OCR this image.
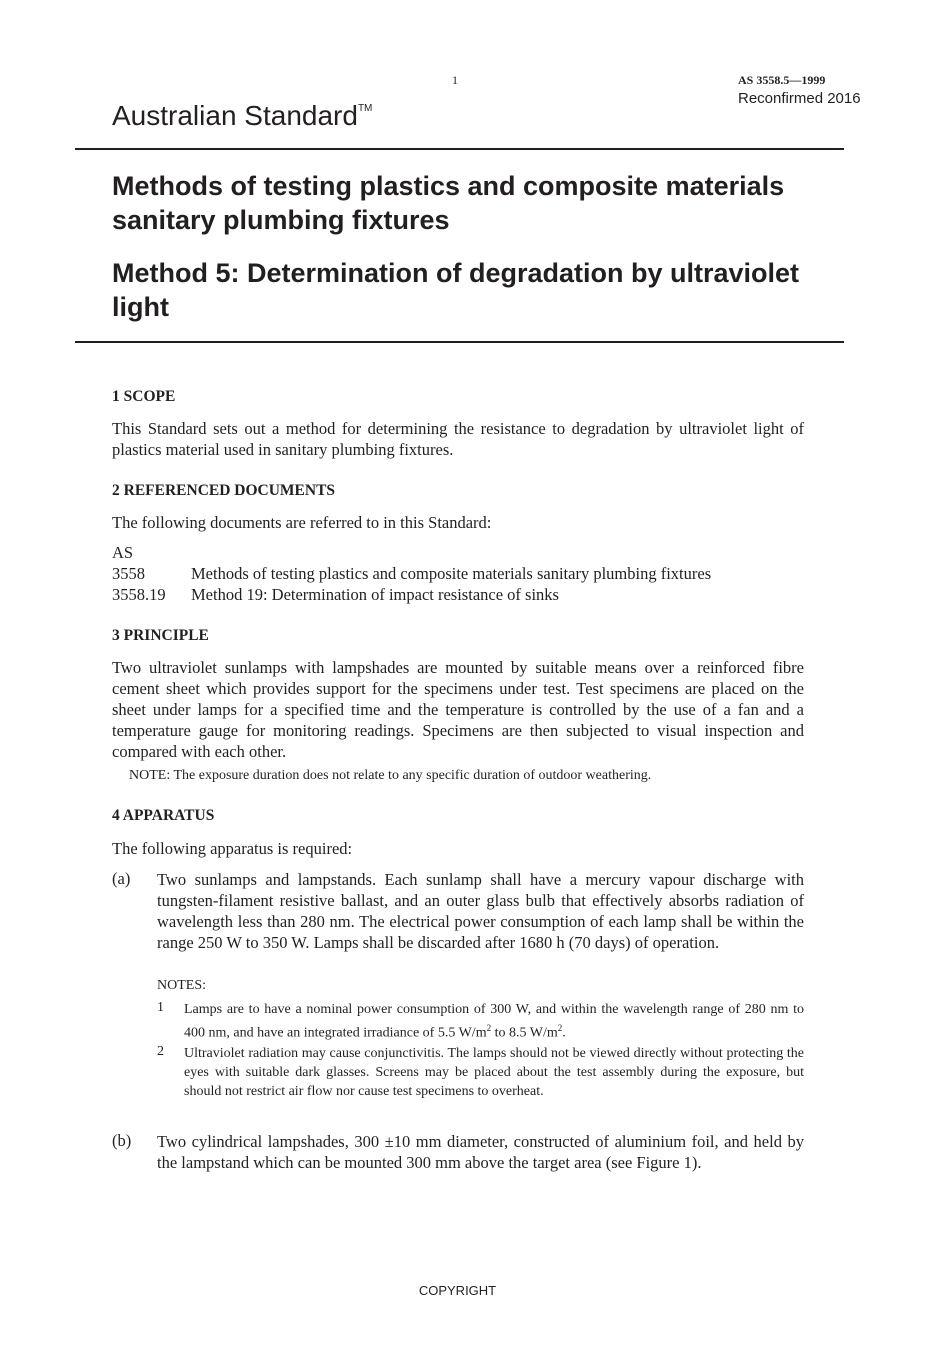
1	AS 3558.5—1999
Reconfirmed 2016
Australian Standard™
Methods of testing plastics and composite materials sanitary plumbing fixtures
Method 5: Determination of degradation by ultraviolet light
1 SCOPE
This Standard sets out a method for determining the resistance to degradation by ultraviolet light of plastics material used in sanitary plumbing fixtures.
2 REFERENCED DOCUMENTS
The following documents are referred to in this Standard:
AS
3558	Methods of testing plastics and composite materials sanitary plumbing fixtures
3558.19 Method 19: Determination of impact resistance of sinks
3 PRINCIPLE
Two ultraviolet sunlamps with lampshades are mounted by suitable means over a reinforced fibre cement sheet which provides support for the specimens under test. Test specimens are placed on the sheet under lamps for a specified time and the temperature is controlled by the use of a fan and a temperature gauge for monitoring readings. Specimens are then subjected to visual inspection and compared with each other.
NOTE: The exposure duration does not relate to any specific duration of outdoor weathering.
4 APPARATUS
The following apparatus is required:
(a) Two sunlamps and lampstands. Each sunlamp shall have a mercury vapour discharge with tungsten-filament resistive ballast, and an outer glass bulb that effectively absorbs radiation of wavelength less than 280 nm. The electrical power consumption of each lamp shall be within the range 250 W to 350 W. Lamps shall be discarded after 1680 h (70 days) of operation.
NOTES:
1 Lamps are to have a nominal power consumption of 300 W, and within the wavelength range of 280 nm to 400 nm, and have an integrated irradiance of 5.5 $W/m^2$ to 8.5 $W/m^2$.
2 Ultraviolet radiation may cause conjunctivitis. The lamps should not be viewed directly without protecting the eyes with suitable dark glasses. Screens may be placed about the test assembly during the exposure, but should not restrict air flow nor cause test specimens to overheat.
(b) Two cylindrical lampshades, 300 ±10 mm diameter, constructed of aluminium foil, and held by the lampstand which can be mounted 300 mm above the target area (see Figure 1).
COPYRIGHT
